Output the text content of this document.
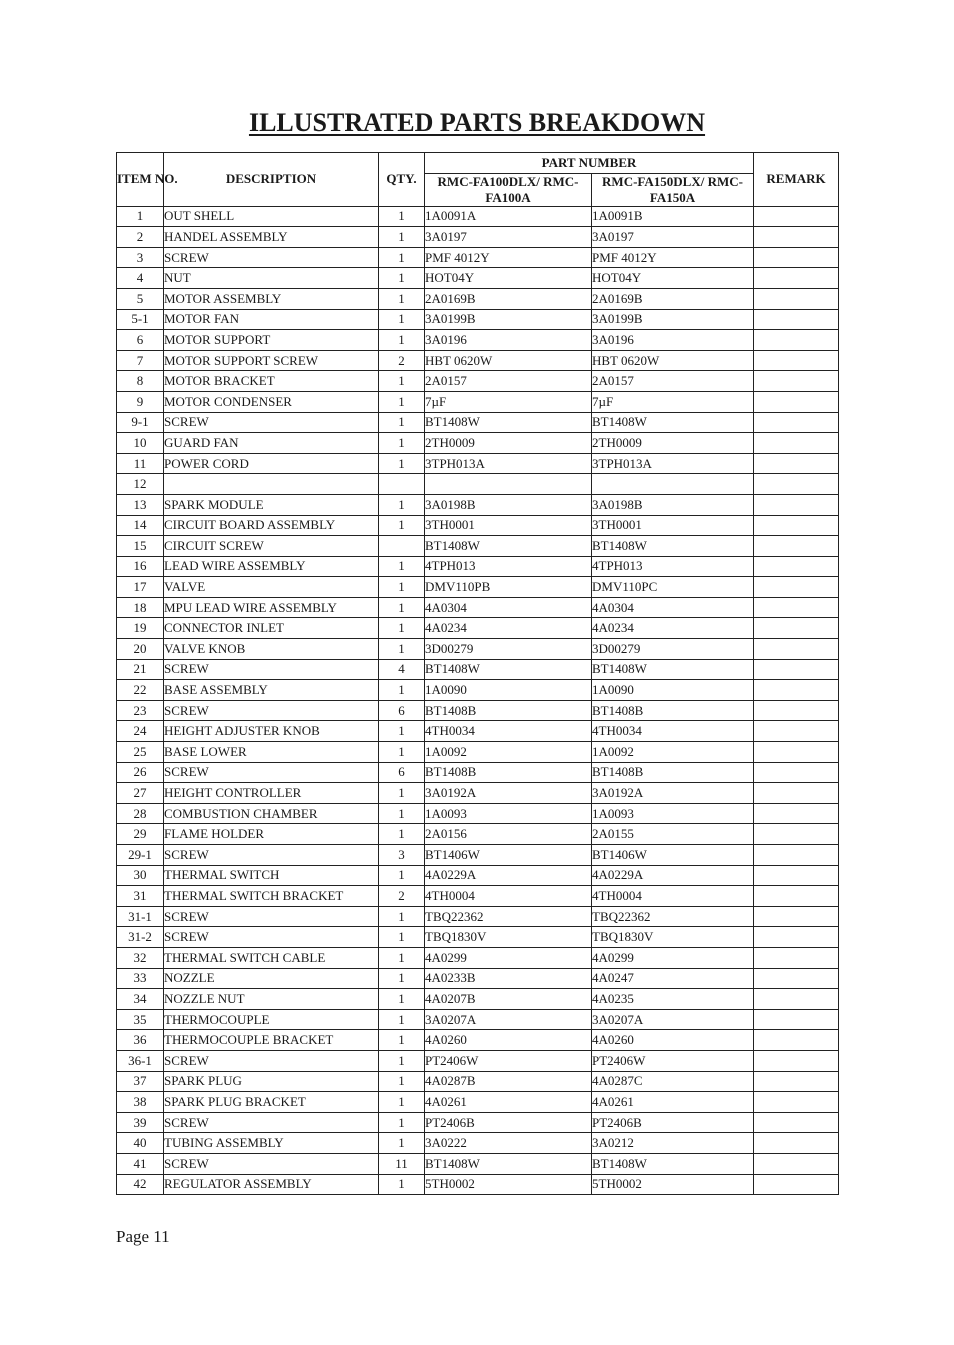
ILLUSTRATED PARTS BREAKDOWN
ITEM NO.	DESCRIPTION	QTY.	PART NUMBER		REMARK
			RMC-FA100DLX/ RMC-FA100A	RMC-FA150DLX/ RMC-FA150A	
1	OUT SHELL	1	1A0091A	1A0091B	
2	HANDEL ASSEMBLY	1	3A0197	3A0197	
3	SCREW	1	PMF 4012Y	PMF 4012Y	
4	NUT	1	HOT04Y	HOT04Y	
5	MOTOR ASSEMBLY	1	2A0169B	2A0169B	
5-1	MOTOR FAN	1	3A0199B	3A0199B	
6	MOTOR SUPPORT	1	3A0196	3A0196	
7	MOTOR SUPPORT SCREW	2	HBT 0620W	HBT 0620W	
8	MOTOR BRACKET	1	2A0157	2A0157	
9	MOTOR CONDENSER	1	7µF	7µF	
9-1	SCREW	1	BT1408W	BT1408W	
10	GUARD FAN	1	2TH0009	2TH0009	
11	POWER CORD	1	3TPH013A	3TPH013A	
12					
13	SPARK MODULE	1	3A0198B	3A0198B	
14	CIRCUIT BOARD ASSEMBLY	1	3TH0001	3TH0001	
15	CIRCUIT SCREW		BT1408W	BT1408W	
16	LEAD WIRE ASSEMBLY	1	4TPH013	4TPH013	
17	VALVE	1	DMV110PB	DMV110PC	
18	MPU LEAD WIRE ASSEMBLY	1	4A0304	4A0304	
19	CONNECTOR INLET	1	4A0234	4A0234	
20	VALVE KNOB	1	3D00279	3D00279	
21	SCREW	4	BT1408W	BT1408W	
22	BASE ASSEMBLY	1	1A0090	1A0090	
23	SCREW	6	BT1408B	BT1408B	
24	HEIGHT ADJUSTER KNOB	1	4TH0034	4TH0034	
25	BASE LOWER	1	1A0092	1A0092	
26	SCREW	6	BT1408B	BT1408B	
27	HEIGHT CONTROLLER	1	3A0192A	3A0192A	
28	COMBUSTION CHAMBER	1	1A0093	1A0093	
29	FLAME HOLDER	1	2A0156	2A0155	
29-1	SCREW	3	BT1406W	BT1406W	
30	THERMAL SWITCH	1	4A0229A	4A0229A	
31	THERMAL SWITCH BRACKET	2	4TH0004	4TH0004	
31-1	SCREW	1	TBQ22362	TBQ22362	
31-2	SCREW	1	TBQ1830V	TBQ1830V	
32	THERMAL SWITCH CABLE	1	4A0299	4A0299	
33	NOZZLE	1	4A0233B	4A0247	
34	NOZZLE NUT	1	4A0207B	4A0235	
35	THERMOCOUPLE	1	3A0207A	3A0207A	
36	THERMOCOUPLE BRACKET	1	4A0260	4A0260	
36-1	SCREW	1	PT2406W	PT2406W	
37	SPARK PLUG	1	4A0287B	4A0287C	
38	SPARK PLUG BRACKET	1	4A0261	4A0261	
39	SCREW	1	PT2406B	PT2406B	
40	TUBING ASSEMBLY	1	3A0222	3A0212	
41	SCREW	11	BT1408W	BT1408W	
42	REGULATOR ASSEMBLY	1	5TH0002	5TH0002	
Page 11
